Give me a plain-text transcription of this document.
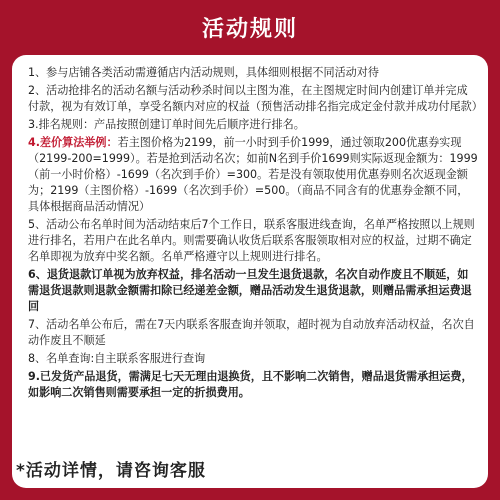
活动规则

1、参与店铺各类活动需遵循店内活动规则，具体细则根据不同活动对待

2、活动抢排名的活动名额与活动秒杀时间以主图为准，在主图规定时间内创建订单并完成付款，视为有效订单，享受名额内对应的权益（预售活动排名指完成定金付款并成功付尾款）

3.排名规则：产品按照创建订单时间先后顺序进行排名。

4.差价算法举例：若主图价格为2199，前一小时到手价1999，通过领取200优惠券实现（2199-200=1999）。若是抢到活动名次；如前N名到手价1699则实际返现金额为：1999（前一小时价格）-1699（名次到手价）=300。若是没有领取使用优惠券则名次返现金额为；2199（主图价格）-1699（名次到手价）=500。（商品不同含有的优惠券金额不同，具体根据商品活动情况）

5、活动公布名单时间为活动结束后7个工作日，联系客服进线查询，名单严格按照以上规则进行排名，若用户在此名单内。则需要确认收货后联系客服领取相对应的权益，过期不确定名单即视为放弃中奖名额。名单严格遵守以上规则进行排名。

6、退货退款订单视为放弃权益，排名活动一旦发生退货退款，名次自动作废且不顺延，如需退货退款则退款金额需扣除已经递差金额，赠品活动发生退货退款，则赠品需承担运费退回

7、活动名单公布后，需在7天内联系客服查询并领取，超时视为自动放弃活动权益，名次自动作废且不顺延

8、名单查询:自主联系客服进行查询

9.已发货产品退货，需满足七天无理由退换货，且不影响二次销售，赠品退货需承担运费，如影响二次销售则需要承担一定的折损费用。

*活动详情，请咨询客服
